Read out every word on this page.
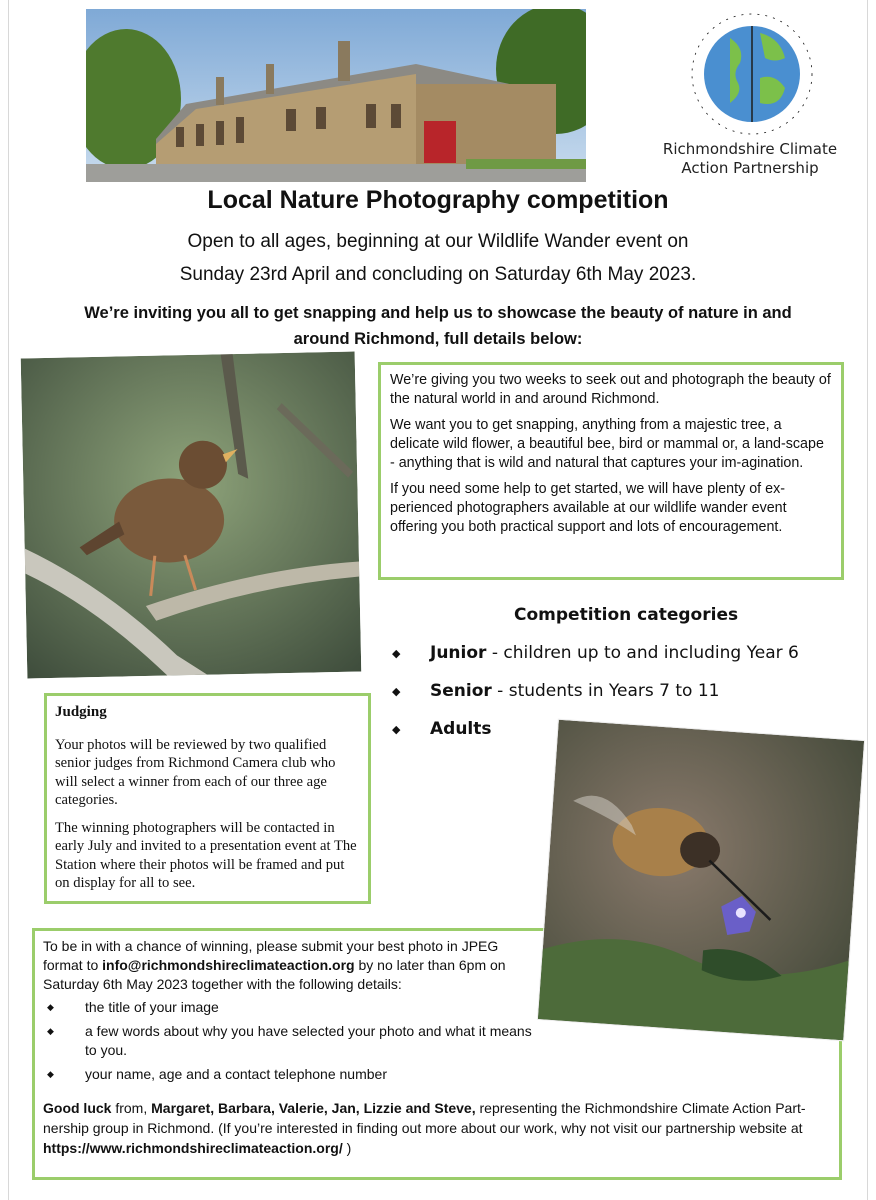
Richmondshire Climate
Action Partnership
Local Nature Photography competition
Open to all ages, beginning at our Wildlife Wander event on
Sunday 23rd April and concluding on Saturday 6th May 2023.
We’re inviting you all to get snapping and help us to showcase the beauty of nature in and
around Richmond, full details below:

We’re giving you two weeks to seek out and photograph the beauty of the natural world in and around Richmond.

We want you to get snapping, anything from a majestic tree, a delicate wild flower, a beautiful bee, bird or mammal or, a land-scape - anything that is wild and natural that captures your im-agination.

If you need some help to get started, we will have plenty of ex-perienced photographers available at our wildlife wander event offering you both practical support and lots of encouragement.

Competition categories
◆ Junior - children up to and including Year 6
◆ Senior - students in Years 7 to 11
◆ Adults
Judging

Your photos will be reviewed by two qualified senior judges from Richmond Camera club who will select a winner from each of our three age categories.

The winning photographers will be contacted in early July and invited to a presentation event at The Station where their photos will be framed and put on display for all to see.

To be in with a chance of winning, please submit your best photo in JPEG format to info@richmondshireclimateaction.org by no later than 6pm on Saturday 6th May 2023 together with the following details:
◆ the title of your image
◆ a few words about why you have selected your photo and what it means to you.
◆ your name, age and a contact telephone number
Good luck from, Margaret, Barbara, Valerie, Jan, Lizzie and Steve, representing the Richmondshire Climate Action Part-nership group in Richmond. (If you’re interested in finding out more about our work, why not visit our partnership website at https://www.richmondshireclimateaction.org/ )
